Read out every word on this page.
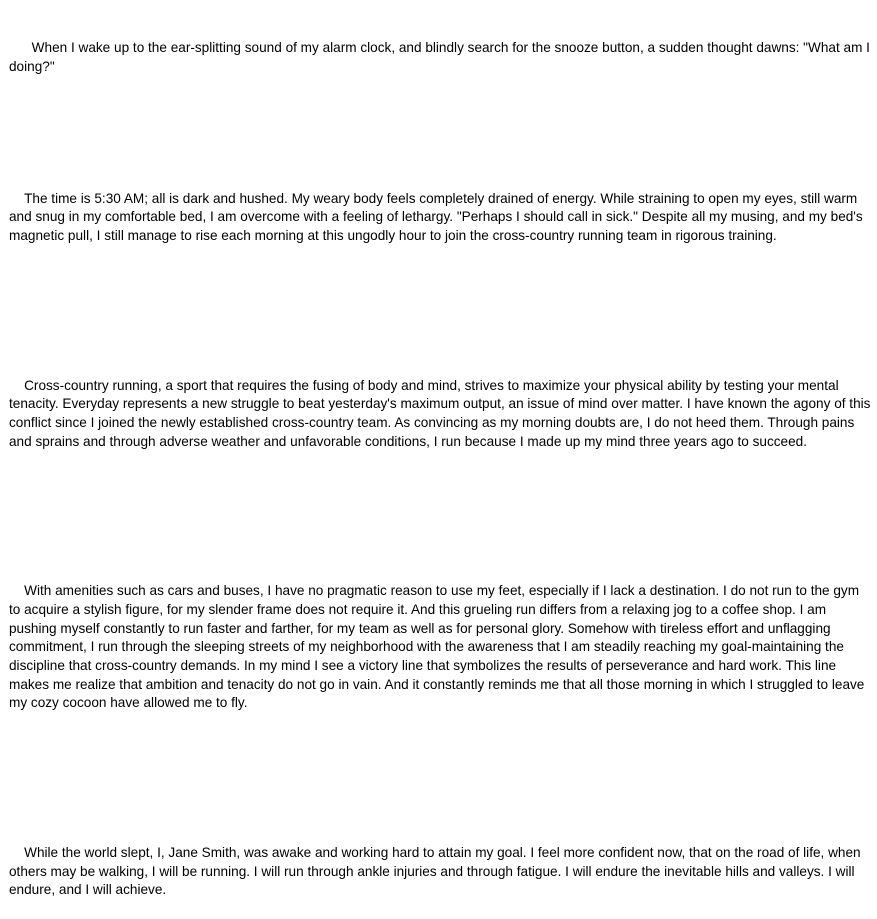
When I wake up to the ear-splitting sound of my alarm clock, and blindly search for the snooze button, a sudden thought dawns: "What am I doing?"

The time is 5:30 AM; all is dark and hushed. My weary body feels completely drained of energy. While straining to open my eyes, still warm and snug in my comfortable bed, I am overcome with a feeling of lethargy. "Perhaps I should call in sick." Despite all my musing, and my bed's magnetic pull, I still manage to rise each morning at this ungodly hour to join the cross-country running team in rigorous training.

Cross-country running, a sport that requires the fusing of body and mind, strives to maximize your physical ability by testing your mental tenacity. Everyday represents a new struggle to beat yesterday's maximum output, an issue of mind over matter. I have known the agony of this conflict since I joined the newly established cross-country team. As convincing as my morning doubts are, I do not heed them. Through pains and sprains and through adverse weather and unfavorable conditions, I run because I made up my mind three years ago to succeed.

With amenities such as cars and buses, I have no pragmatic reason to use my feet, especially if I lack a destination. I do not run to the gym to acquire a stylish figure, for my slender frame does not require it. And this grueling run differs from a relaxing jog to a coffee shop. I am pushing myself constantly to run faster and farther, for my team as well as for personal glory. Somehow with tireless effort and unflagging commitment, I run through the sleeping streets of my neighborhood with the awareness that I am steadily reaching my goal-maintaining the discipline that cross-country demands. In my mind I see a victory line that symbolizes the results of perseverance and hard work. This line makes me realize that ambition and tenacity do not go in vain. And it constantly reminds me that all those morning in which I struggled to leave my cozy cocoon have allowed me to fly.

While the world slept, I, Jane Smith, was awake and working hard to attain my goal. I feel more confident now, that on the road of life, when others may be walking, I will be running. I will run through ankle injuries and through fatigue. I will endure the inevitable hills and valleys. I will endure, and I will achieve.
